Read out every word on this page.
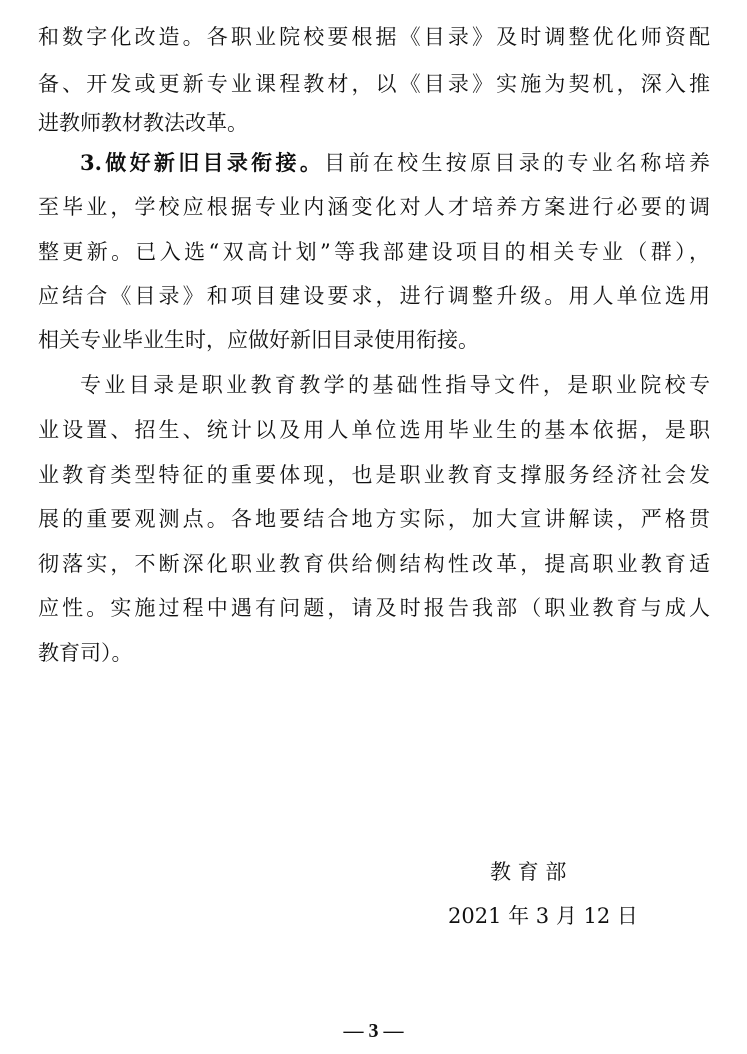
和数字化改造。各职业院校要根据《目录》及时调整优化师资配
备、开发或更新专业课程教材，以《目录》实施为契机，深入推
进教师教材教法改革。
3.做好新旧目录衔接。目前在校生按原目录的专业名称培养
至毕业，学校应根据专业内涵变化对人才培养方案进行必要的调
整更新。已入选“双高计划”等我部建设项目的相关专业（群），
应结合《目录》和项目建设要求，进行调整升级。用人单位选用
相关专业毕业生时，应做好新旧目录使用衔接。
专业目录是职业教育教学的基础性指导文件，是职业院校专
业设置、招生、统计以及用人单位选用毕业生的基本依据，是职
业教育类型特征的重要体现，也是职业教育支撑服务经济社会发
展的重要观测点。各地要结合地方实际，加大宣讲解读，严格贯
彻落实，不断深化职业教育供给侧结构性改革，提高职业教育适
应性。实施过程中遇有问题，请及时报告我部（职业教育与成人
教育司）。
教 育 部
2021 年 3 月 12 日
— 3 —
